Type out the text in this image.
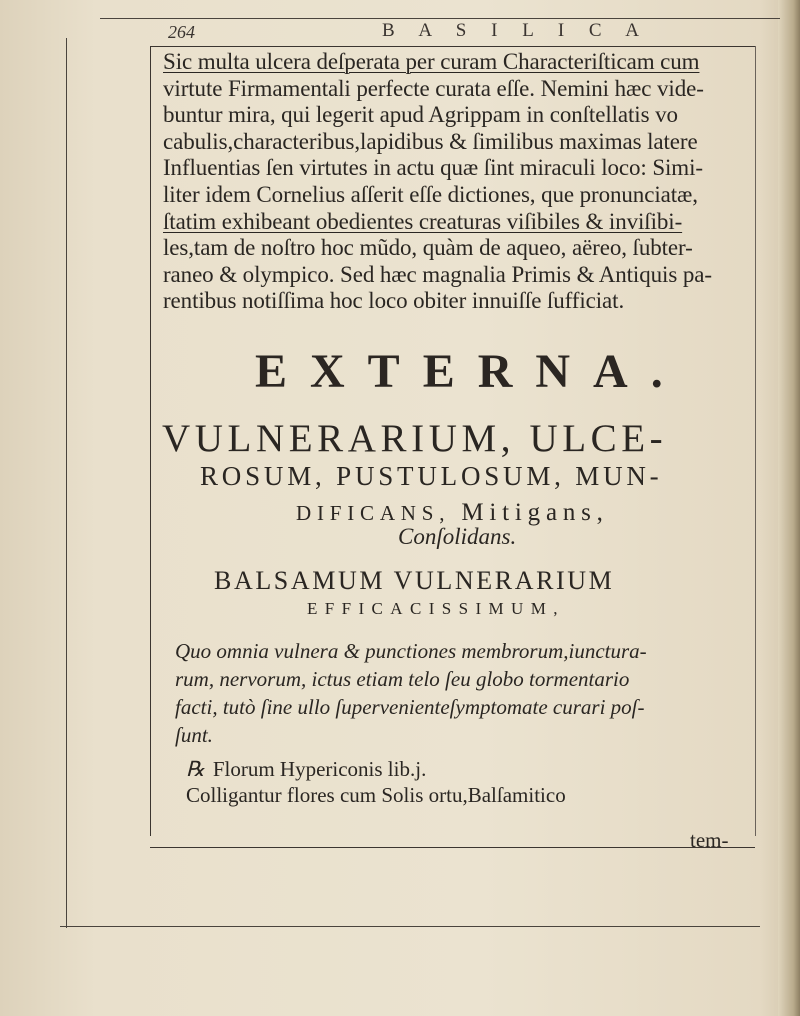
264	B A S I L I C A
Sic multa ulcera deſperata per curam Characteriſticam cum
virtute Firmamentali perfecte curata eſſe. Nemini hæc vide-
buntur mira, qui legerit apud Agrippam in conſtellatis vo
cabulis,characteribus,lapidibus & ſimilibus maximas latere
Influentias ſen virtutes in actu quæ ſint miraculi loco: Simi-
liter idem Cornelius aſſerit eſſe dictiones, que pronunciatæ,
ſtatim exhibeant obedientes creaturas viſibiles & inviſibi-
les,tam de noſtro hoc mũdo, quàm de aqueo, aëreo, ſubter-
raneo & olympico. Sed hæc magnalia Primis & Antiquis pa-
rentibus notiſſima hoc loco obiter innuiſſe ſufficiat.
EXTERNA.
VULNERARIUM, ULCE-
ROSUM, PUSTULOSUM, MUN-
DIFICANS, Mitigans,
Conſolidans.
BALSAMUM VULNERARIUM
EFFICACISSIMUM,
Quo omnia vulnera & punctiones membrorum,iunctura-
rum, nervorum, ictus etiam telo ſeu globo tormentario
facti, tutò ſine ullo ſupervenienteſymptomate curari poſ-
ſunt.
℞ Florum Hypericonis lib.j.
Colligantur flores cum Solis ortu,Balſamitico
tem-
